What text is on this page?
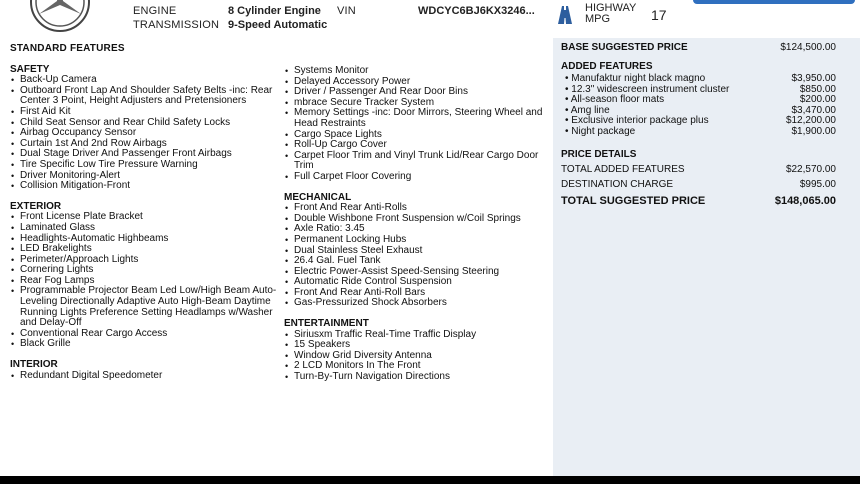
ENGINE	8 Cylinder Engine
TRANSMISSION 9-Speed Automatic
VIN	WDCYC6BJ6KX3246...	HIGHWAY MPG	17
STANDARD FEATURES
SAFETY
• Back-Up Camera
• Outboard Front Lap And Shoulder Safety Belts -inc: Rear Center 3 Point, Height Adjusters and Pretensioners
• First Aid Kit
• Child Seat Sensor and Rear Child Safety Locks
• Airbag Occupancy Sensor
• Curtain 1st And 2nd Row Airbags
• Dual Stage Driver And Passenger Front Airbags
• Tire Specific Low Tire Pressure Warning
• Driver Monitoring-Alert
• Collision Mitigation-Front
EXTERIOR
• Front License Plate Bracket
• Laminated Glass
• Headlights-Automatic Highbeams
• LED Brakelights
• Perimeter/Approach Lights
• Cornering Lights
• Rear Fog Lamps
• Programmable Projector Beam Led Low/High Beam Auto-Leveling Directionally Adaptive Auto High-Beam Daytime Running Lights Preference Setting Headlamps w/Washer and Delay-Off
• Conventional Rear Cargo Access
• Black Grille
INTERIOR
• Redundant Digital Speedometer
• Systems Monitor
• Delayed Accessory Power
• Driver / Passenger And Rear Door Bins
• mbrace Secure Tracker System
• Memory Settings -inc: Door Mirrors, Steering Wheel and Head Restraints
• Cargo Space Lights
• Roll-Up Cargo Cover
• Carpet Floor Trim and Vinyl Trunk Lid/Rear Cargo Door Trim
• Full Carpet Floor Covering
MECHANICAL
• Front And Rear Anti-Rolls
• Double Wishbone Front Suspension w/Coil Springs
• Axle Ratio: 3.45
• Permanent Locking Hubs
• Dual Stainless Steel Exhaust
• 26.4 Gal. Fuel Tank
• Electric Power-Assist Speed-Sensing Steering
• Automatic Ride Control Suspension
• Front And Rear Anti-Roll Bars
• Gas-Pressurized Shock Absorbers
ENTERTAINMENT
• Siriusxm Traffic Real-Time Traffic Display
• 15 Speakers
• Window Grid Diversity Antenna
• 2 LCD Monitors In The Front
• Turn-By-Turn Navigation Directions
BASE SUGGESTED PRICE	$124,500.00
ADDED FEATURES
• Manufaktur night black magno	$3,950.00
• 12.3" widescreen instrument cluster	$850.00
• All-season floor mats	$200.00
• Amg line	$3,470.00
• Exclusive interior package plus	$12,200.00
• Night package	$1,900.00
PRICE DETAILS
TOTAL ADDED FEATURES	$22,570.00
DESTINATION CHARGE	$995.00
TOTAL SUGGESTED PRICE	$148,065.00
